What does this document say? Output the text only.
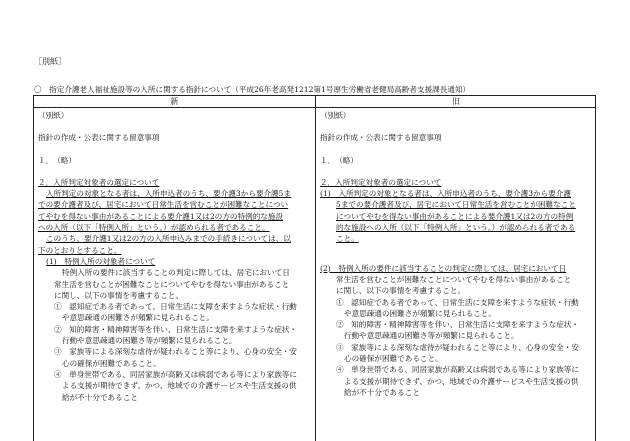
［別紙］
〇　指定介護老人福祉施設等の入所に関する指針について（平成26年老高発1212第1号厚生労働省老健局高齢者支援課長通知）
新	旧

（別紙）

指針の作成・公表に関する留意事項

１．　（略）

２．入所判定対象者の選定について

入所判定の対象となる者は、入所申込者のうち、要介護3から要介護5ま

での要介護者及び、居宅において日常生活を営むことが困難なことについ

てやむを得ない事由があることによる要介護1又は2の方の特例的な施設

への入所（以下「特例入所」という。）が認められる者であること。

このうち、要介護1又は2の方の入所申込みまでの手続きについては、以

下のとおりとすること。

(1)　特例入所の対象者について

特例入所の要件に該当することの判定に際しては、居宅において日

常生活を営むことが困難なことについてやむを得ない事由があること

に関し、以下の事情を考慮すること。

①　認知症である者であって、日常生活に支障を来すような症状・行動

や意思疎通の困難さが頻繁に見られること。

②　知的障害・精神障害等を伴い、日常生活に支障を来すような症状・

行動や意思疎通の困難さ等が頻繁に見られること。

③　家族等による深刻な虐待が疑われること等により、心身の安全・安

心の確保が困難であること。

④　単身世帯である、同居家族が高齢又は病弱である等により家族等に

よる支援が期待できず、かつ、地域での介護サービスや生活支援の供

給が不十分であること

（別紙）

指針の作成・公表に関する留意事項

１．　（略）

２．入所判定対象者の選定について

(1)　入所判定の対象となる者は、入所申込者のうち、要介護3から要介護

5までの要介護者及び、居宅において日常生活を営むことが困難なこと

についてやむを得ない事由があることによる要介護1又は2の方の特例

的な施設への入所（以下「特例入所」という。）が認められる者である

こと。

(2)　特例入所の要件に該当することの判定に際しては、居宅において日

常生活を営むことが困難なことについてやむを得ない事由があること

に関し、以下の事情を考慮すること。

①　認知症である者であって、日常生活に支障を来すような症状・行動

や意思疎通の困難さが頻繁に見られること。

②　知的障害・精神障害等を伴い、日常生活に支障を来すような症状・

行動や意思疎通の困難さ等が頻繁に見られること。

③　家族等による深刻な虐待が疑われること等により、心身の安全・安

心の確保が困難であること。

④　単身世帯である、同居家族が高齢又は病弱である等により家族等に

よる支援が期待できず、かつ、地域での介護サービスや生活支援の供

給が不十分であること
